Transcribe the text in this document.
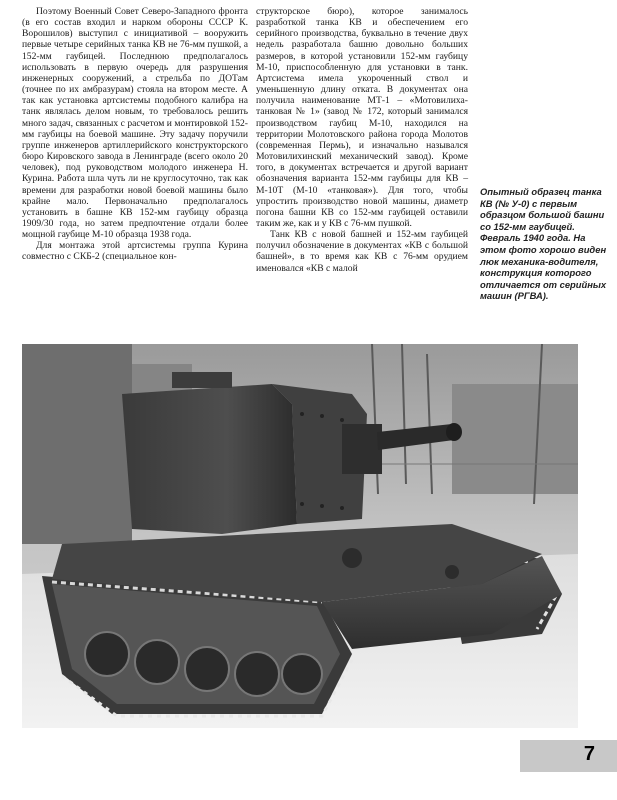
Поэтому Военный Совет Северо-Западного фронта (в его состав входил и нарком обороны СССР К. Ворошилов) выступил с инициативой – вооружить первые четыре серийных танка КВ не 76-мм пушкой, а 152-мм гаубицей. Последнюю предполагалось использовать в первую очередь для разрушения инженерных сооружений, а стрельба по ДОТам (точнее по их амбразурам) стояла на втором месте. А так как установка артсистемы подобного калибра на танк являлась делом новым, то требовалось решить много задач, связанных с расчетом и монтировкой 152-мм гаубицы на боевой машине. Эту задачу поручили группе инженеров артиллерийского конструкторского бюро Кировского завода в Ленинграде (всего около 20 человек), под руководством молодого инженера Н. Курина. Работа шла чуть ли не круглосуточно, так как времени для разработки новой боевой машины было крайне мало. Первоначально предполагалось установить в башне КВ 152-мм гаубицу образца 1909/30 года, но затем предпочтение отдали более мощной гаубице М-10 образца 1938 года.

Для монтажа этой артсистемы группа Курина совместно с СКБ-2 (специальное кон-

структорское бюро), которое занималось разработкой танка КВ и обеспечением его серийного производства, буквально в течение двух недель разработала башню довольно больших размеров, в которой установили 152-мм гаубицу М-10, приспособленную для установки в танк. Артсистема имела укороченный ствол и уменьшенную длину отката. В документах она получила наименование МТ-1 – «Мотовилиха-танковая № 1» (завод № 172, который занимался производством гаубиц М-10, находился на территории Молотовского района города Молотов (современная Пермь), и изначально назывался Мотовилихинский механический завод). Кроме того, в документах встречается и другой вариант обозначения варианта 152-мм гаубицы для КВ – М-10Т (М-10 «танковая»). Для того, чтобы упростить производство новой машины, диаметр погона башни КВ со 152-мм гаубицей оставили таким же, как и у КВ с 76-мм пушкой.

Танк КВ с новой башней и 152-мм гаубицей получил обозначение в документах «КВ с большой башней», в то время как КВ с 76-мм орудием именовался «КВ с малой

Опытный образец танка КВ (№ У-0) с первым образцом большой башни со 152-мм гаубицей. Февраль 1940 года. На этом фото хорошо виден люк механика-водителя, конструкция которого отличается от серийных машин (РГВА).
7
